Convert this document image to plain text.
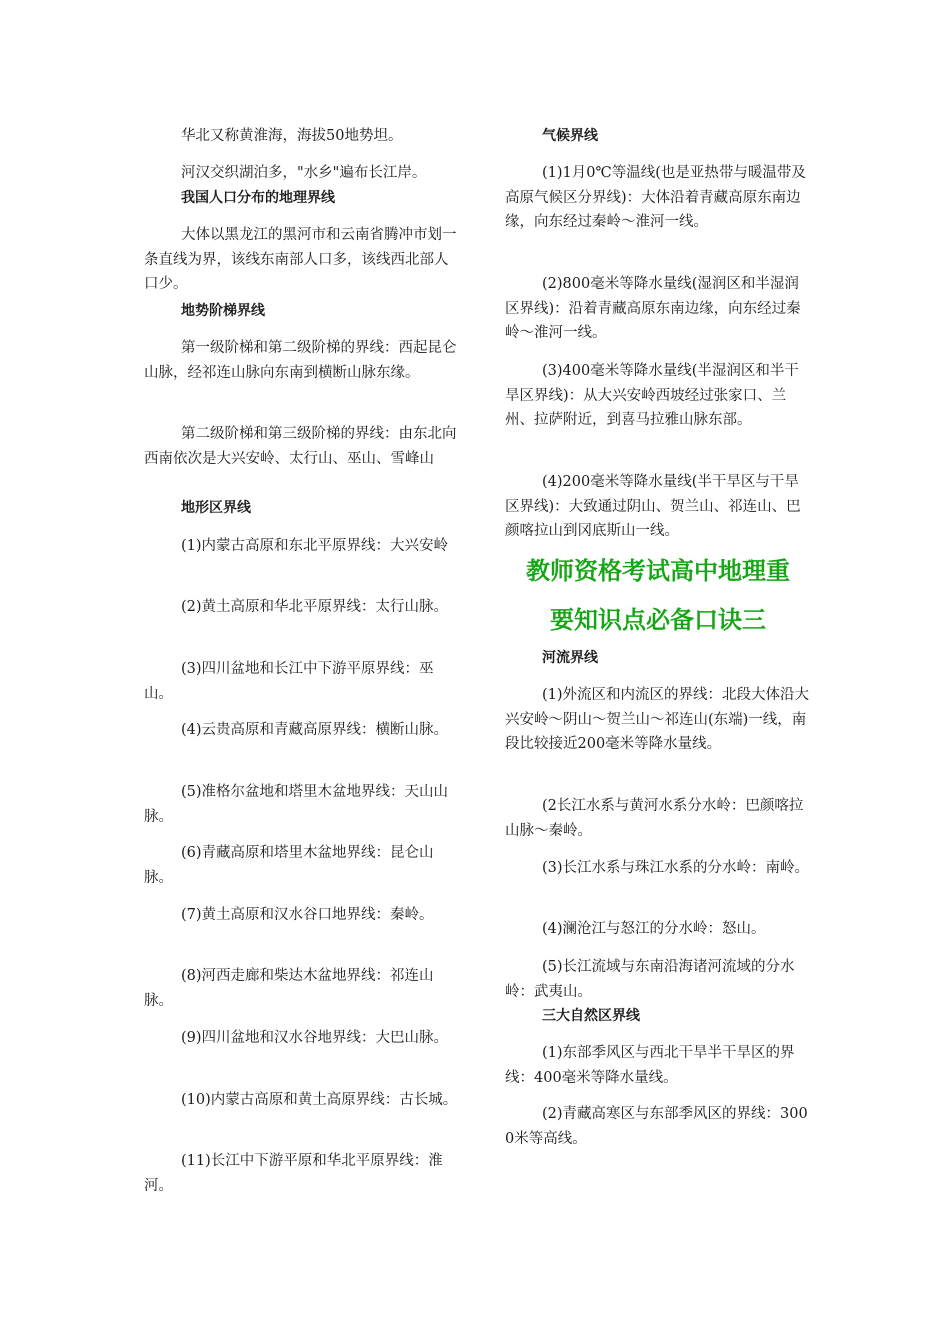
华北又称黄淮海，海拔50地势坦。

河汉交织湖泊多，"水乡"遍布长江岸。

我国人口分布的地理界线

大体以黑龙江的黑河市和云南省腾冲市划一条直线为界，该线东南部人口多，该线西北部人口少。

地势阶梯界线

第一级阶梯和第二级阶梯的界线：西起昆仑山脉，经祁连山脉向东南到横断山脉东缘。

第二级阶梯和第三级阶梯的界线：由东北向西南依次是大兴安岭、太行山、巫山、雪峰山

地形区界线

(1)内蒙古高原和东北平原界线：大兴安岭

(2)黄土高原和华北平原界线：太行山脉。

(3)四川盆地和长江中下游平原界线：巫山。

(4)云贵高原和青藏高原界线：横断山脉。

(5)准格尔盆地和塔里木盆地界线：天山山脉。

(6)青藏高原和塔里木盆地界线：昆仑山脉。

(7)黄土高原和汉水谷口地界线：秦岭。

(8)河西走廊和柴达木盆地界线：祁连山脉。

(9)四川盆地和汉水谷地界线：大巴山脉。

(10)内蒙古高原和黄土高原界线：古长城。

(11)长江中下游平原和华北平原界线：淮河。

气候界线

(1)1月0℃等温线(也是亚热带与暖温带及高原气候区分界线)：大体沿着青藏高原东南边缘，向东经过秦岭～淮河一线。

(2)800毫米等降水量线(湿润区和半湿润区界线)：沿着青藏高原东南边缘，向东经过秦岭～淮河一线。

(3)400毫米等降水量线(半湿润区和半干旱区界线)：从大兴安岭西坡经过张家口、兰州、拉萨附近，到喜马拉雅山脉东部。

(4)200毫米等降水量线(半干旱区与干旱区界线)：大致通过阴山、贺兰山、祁连山、巴颜喀拉山到冈底斯山一线。

河流界线

(1)外流区和内流区的界线：北段大体沿大兴安岭～阴山～贺兰山～祁连山(东端)一线，南段比较接近200毫米等降水量线。

(2长江水系与黄河水系分水岭：巴颜喀拉山脉～秦岭。

(3)长江水系与珠江水系的分水岭：南岭。

(4)澜沧江与怒江的分水岭：怒山。

(5)长江流域与东南沿海诸河流域的分水岭：武夷山。

三大自然区界线

(1)东部季风区与西北干旱半干旱区的界线：400毫米等降水量线。

(2)青藏高寒区与东部季风区的界线：3000米等高线。

教师资格考试高中地理重
要知识点必备口诀三
